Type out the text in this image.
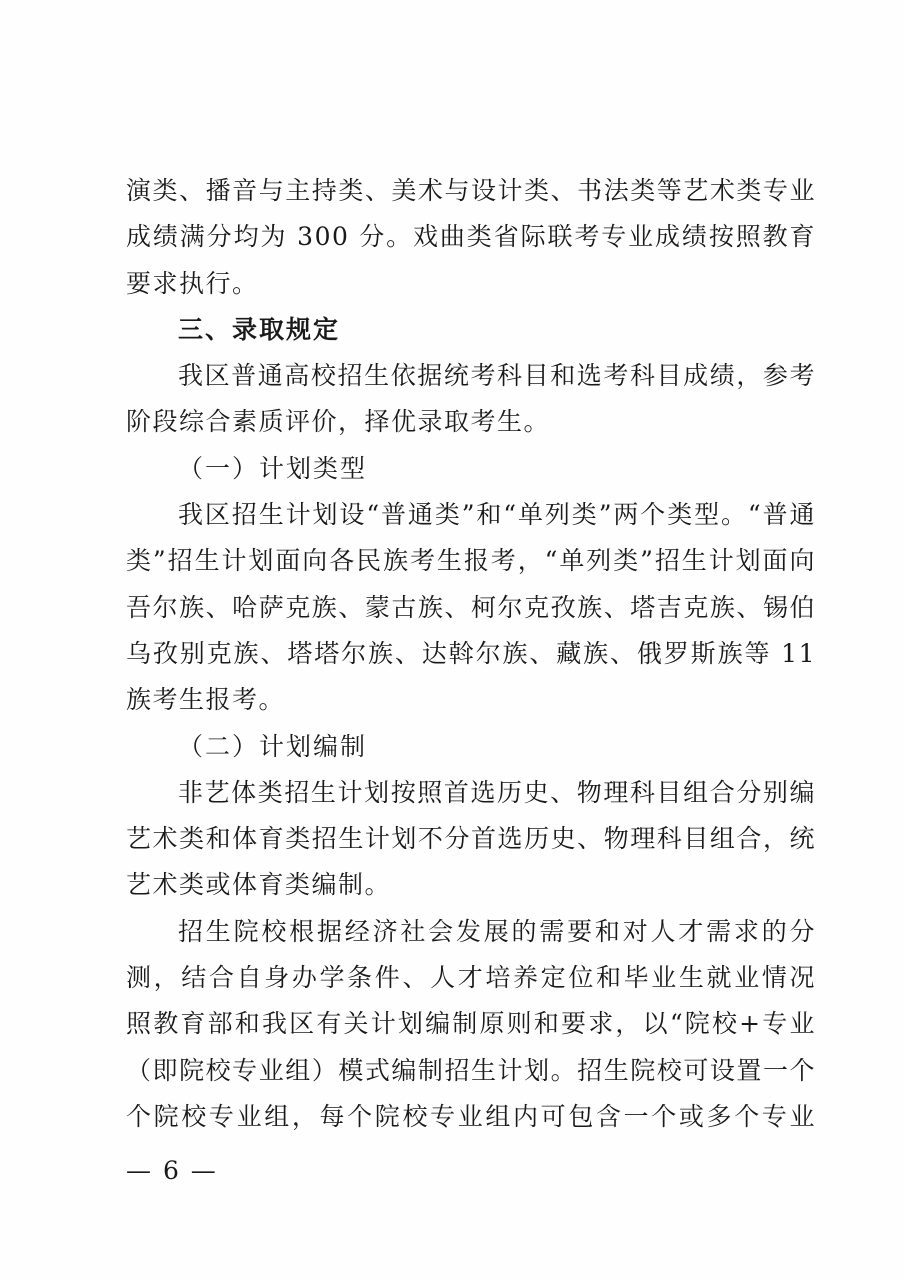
演类、播音与主持类、美术与设计类、书法类等艺术类专业
成绩满分均为 300 分。戏曲类省际联考专业成绩按照教育
要求执行。
三、录取规定
我区普通高校招生依据统考科目和选考科目成绩，参考
阶段综合素质评价，择优录取考生。
（一）计划类型
我区招生计划设“普通类”和“单列类”两个类型。“普通
类”招生计划面向各民族考生报考，“单列类”招生计划面向
吾尔族、哈萨克族、蒙古族、柯尔克孜族、塔吉克族、锡伯
乌孜别克族、塔塔尔族、达斡尔族、藏族、俄罗斯族等 11
族考生报考。
（二）计划编制
非艺体类招生计划按照首选历史、物理科目组合分别编
艺术类和体育类招生计划不分首选历史、物理科目组合，统
艺术类或体育类编制。
招生院校根据经济社会发展的需要和对人才需求的分
测，结合自身办学条件、人才培养定位和毕业生就业情况
照教育部和我区有关计划编制原则和要求，以“院校+专业
（即院校专业组）模式编制招生计划。招生院校可设置一个
个院校专业组，每个院校专业组内可包含一个或多个专业
— 6 —
